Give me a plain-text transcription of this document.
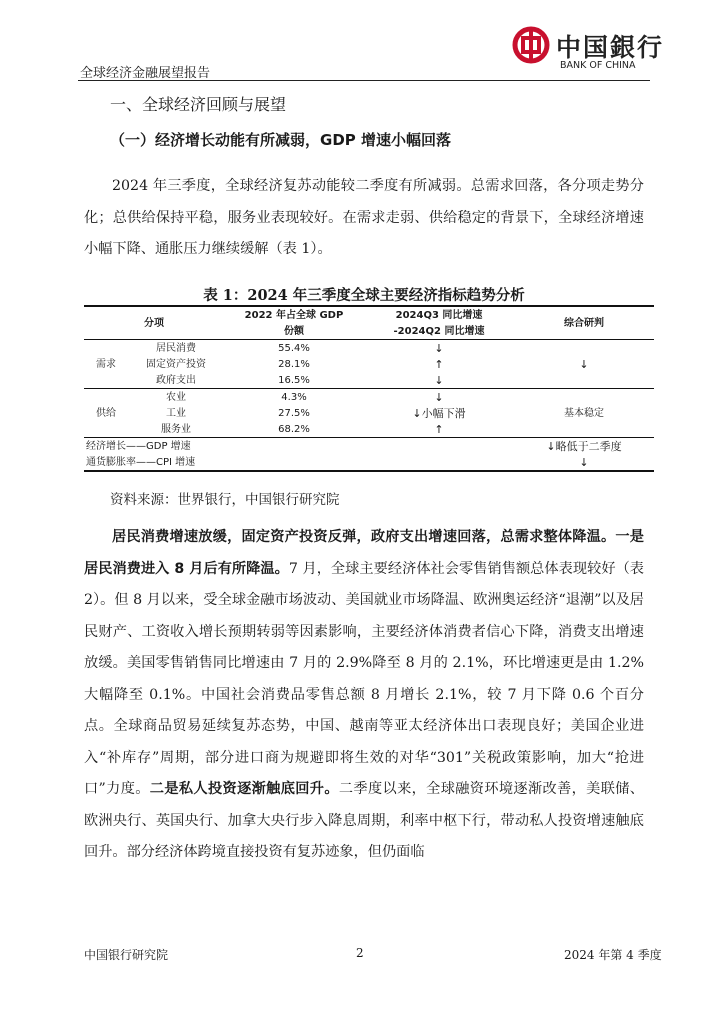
全球经济金融展望报告
中国銀行
BANK OF CHINA
一、全球经济回顾与展望
（一）经济增长动能有所减弱，GDP 增速小幅回落
2024 年三季度，全球经济复苏动能较二季度有所减弱。总需求回落，各分项走势分化；总供给保持平稳，服务业表现较好。在需求走弱、供给稳定的背景下，全球经济增速小幅下降、通胀压力继续缓解（表 1）。
表 1：2024 年三季度全球主要经济指标趋势分析
分项		2022 年占全球 GDP	2024Q3 同比增速	综合研判
		份额	-2024Q2 同比增速	
需求	居民消费	55.4%	↓	↓
	固定资产投资	28.1%	↑	
	政府支出	16.5%	↓	
供给	农业	4.3%	↓	基本稳定
	工业	27.5%	↓小幅下滑	
	服务业	68.2%	↑	
经济增长——GDP 增速				↓略低于二季度
通货膨胀率——CPI 增速				↓
资料来源：世界银行，中国银行研究院
居民消费增速放缓，固定资产投资反弹，政府支出增速回落，总需求整体降温。一是居民消费进入 8 月后有所降温。7 月，全球主要经济体社会零售销售额总体表现较好（表 2）。但 8 月以来，受全球金融市场波动、美国就业市场降温、欧洲奥运经济“退潮”以及居民财产、工资收入增长预期转弱等因素影响，主要经济体消费者信心下降，消费支出增速放缓。美国零售销售同比增速由 7 月的 2.9%降至 8 月的 2.1%，环比增速更是由 1.2%大幅降至 0.1%。中国社会消费品零售总额 8 月增长 2.1%，较 7 月下降 0.6 个百分点。全球商品贸易延续复苏态势，中国、越南等亚太经济体出口表现良好；美国企业进入“补库存”周期，部分进口商为规避即将生效的对华“301”关税政策影响，加大“抢进口”力度。二是私人投资逐渐触底回升。二季度以来，全球融资环境逐渐改善，美联储、欧洲央行、英国央行、加拿大央行步入降息周期，利率中枢下行，带动私人投资增速触底回升。部分经济体跨境直接投资有复苏迹象，但仍面临
中国银行研究院	2	2024 年第 4 季度
